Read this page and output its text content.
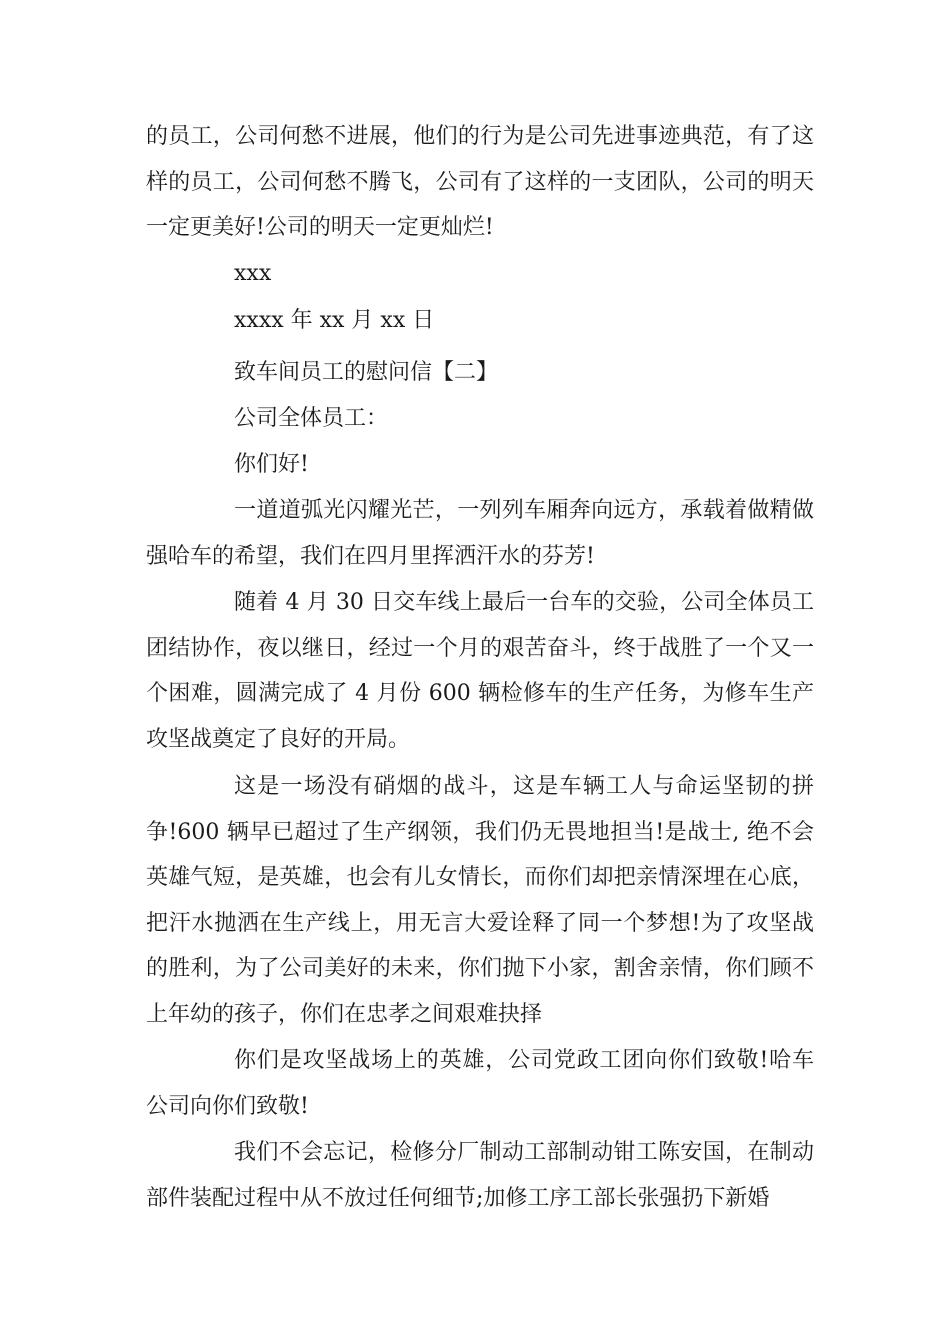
的员工，公司何愁不进展，他们的行为是公司先进事迹典范，有了这样的员工，公司何愁不腾飞，公司有了这样的一支团队，公司的明天一定更美好!公司的明天一定更灿烂!

xxx

xxxx 年 xx 月 xx 日

致车间员工的慰问信【二】

公司全体员工：

你们好!

一道道弧光闪耀光芒，一列列车厢奔向远方，承载着做精做强哈车的希望，我们在四月里挥洒汗水的芬芳!

随着 4 月 30 日交车线上最后一台车的交验，公司全体员工团结协作，夜以继日，经过一个月的艰苦奋斗，终于战胜了一个又一个困难，圆满完成了 4 月份 600 辆检修车的生产任务，为修车生产攻坚战奠定了良好的开局。

这是一场没有硝烟的战斗，这是车辆工人与命运坚韧的拼争!600 辆早已超过了生产纲领，我们仍无畏地担当!是战士, 绝不会英雄气短，是英雄，也会有儿女情长，而你们却把亲情深埋在心底，把汗水抛洒在生产线上，用无言大爱诠释了同一个梦想!为了攻坚战的胜利，为了公司美好的未来，你们抛下小家，割舍亲情，你们顾不上年幼的孩子，你们在忠孝之间艰难抉择

你们是攻坚战场上的英雄，公司党政工团向你们致敬!哈车公司向你们致敬!

我们不会忘记，检修分厂制动工部制动钳工陈安国，在制动部件装配过程中从不放过任何细节;加修工序工部长张强扔下新婚
